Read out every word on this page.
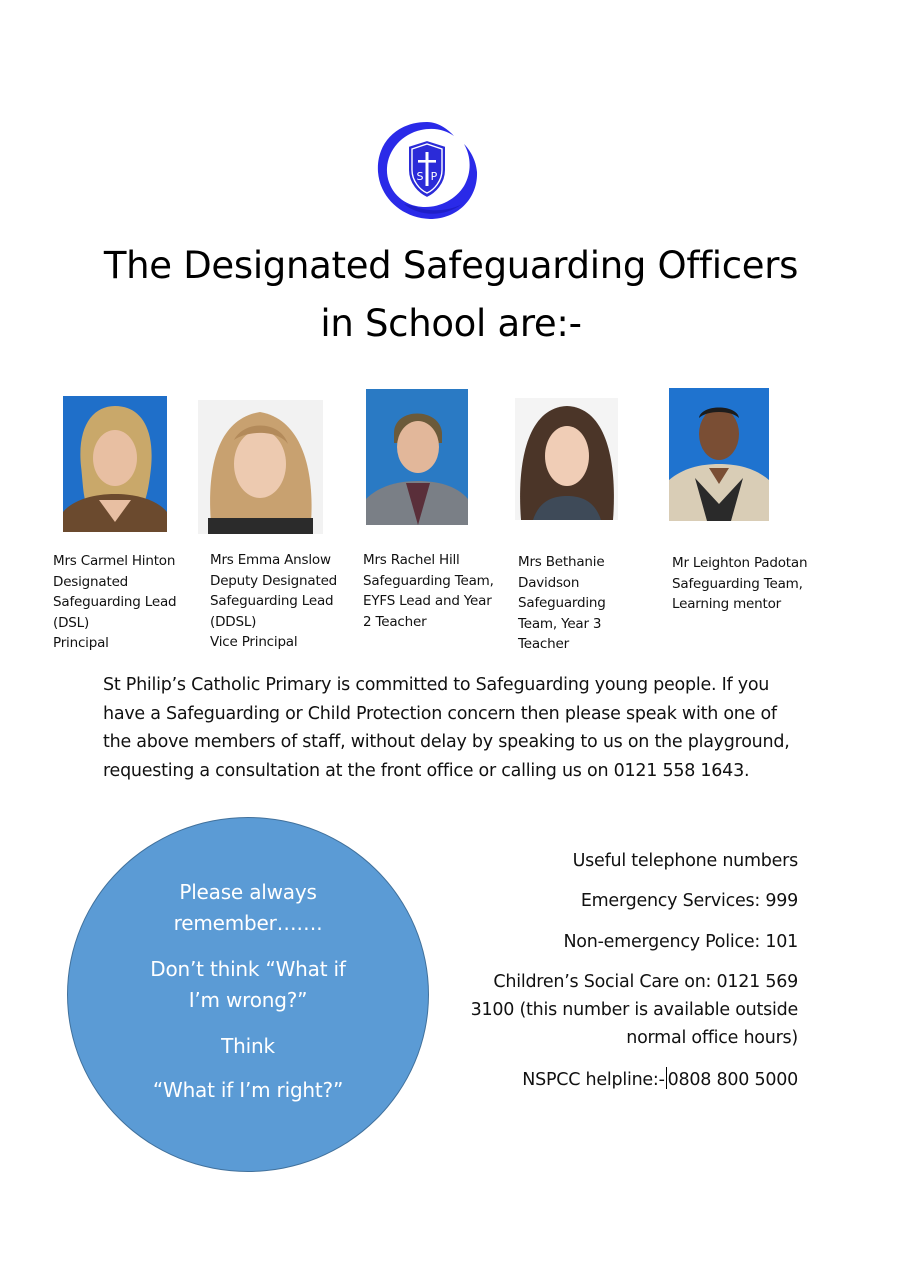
S P
The Designated Safeguarding Officers
in School are:-
Mrs Carmel Hinton
Designated
Safeguarding Lead
(DSL)
Principal
Mrs Emma Anslow
Deputy Designated
Safeguarding Lead
(DDSL)
Vice Principal
Mrs Rachel Hill
Safeguarding Team,
EYFS Lead and Year
2 Teacher
Mrs Bethanie
Davidson
Safeguarding
Team, Year 3
Teacher
Mr Leighton Padotan
Safeguarding Team,
Learning mentor
St Philip’s Catholic Primary is committed to Safeguarding young people. If you have a Safeguarding or Child Protection concern then please speak with one of the above members of staff, without delay by speaking to us on the playground, requesting a consultation at the front office or calling us on 0121 558 1643.
Please always
remember…….
Don’t think “What if
I’m wrong?”
Think
“What if I’m right?”
Useful telephone numbers
Emergency Services: 999
Non-emergency Police: 101
Children’s Social Care on: 0121 569
3100 (this number is available outside
normal office hours)
NSPCC helpline:- 0808 800 5000
